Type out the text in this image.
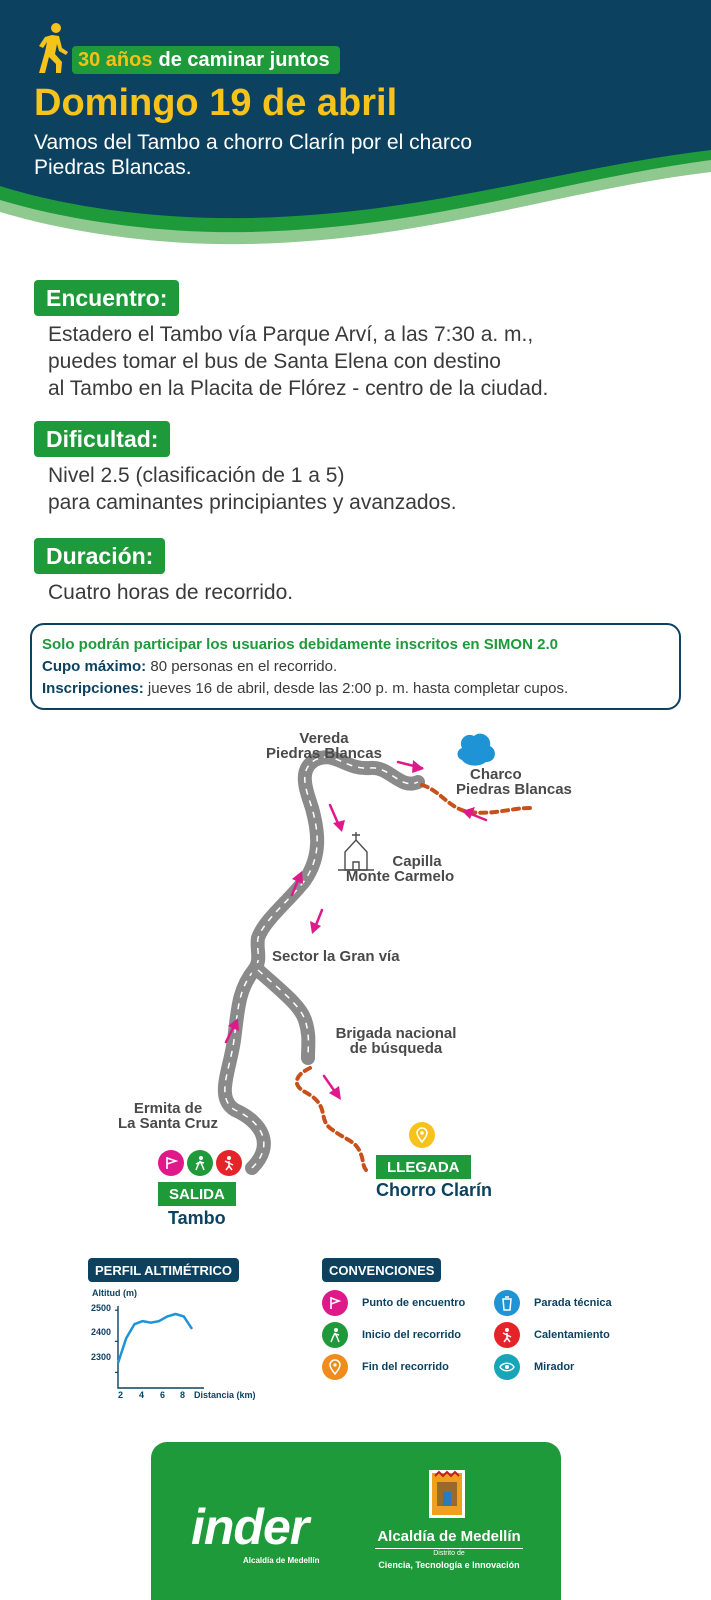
30 años de caminar juntos
Domingo 19 de abril
Vamos del Tambo a chorro Clarín por el charco Piedras Blancas.
Encuentro:
Estadero el Tambo vía Parque Arví, a las 7:30 a. m.,
puedes tomar el bus de Santa Elena con destino
al Tambo en la Placita de Flórez - centro de la ciudad.
Dificultad:
Nivel 2.5 (clasificación de 1 a 5)
para caminantes principiantes y avanzados.
Duración:
Cuatro horas de recorrido.
Solo podrán participar los usuarios debidamente inscritos en SIMON 2.0
Cupo máximo: 80 personas en el recorrido.
Inscripciones: jueves 16 de abril, desde las 2:00 p. m. hasta completar cupos.
Vereda
Piedras Blancas
Charco
Piedras Blancas
Capilla
Monte Carmelo
Sector la Gran vía
Brigada nacional
de búsqueda
Ermita de
La Santa Cruz
SALIDA
Tambo
LLEGADA
Chorro Clarín
PERFIL ALTIMÉTRICO
Altitud (m)
2500
2400
2300
2 4 6 8 Distancia (km)
CONVENCIONES
Punto de encuentro
Inicio del recorrido
Fin del recorrido
Parada técnica
Calentamiento
Mirador
inder
Alcaldía de Medellín
Alcaldía de Medellín
Distrito de
Ciencia, Tecnología e Innovación
